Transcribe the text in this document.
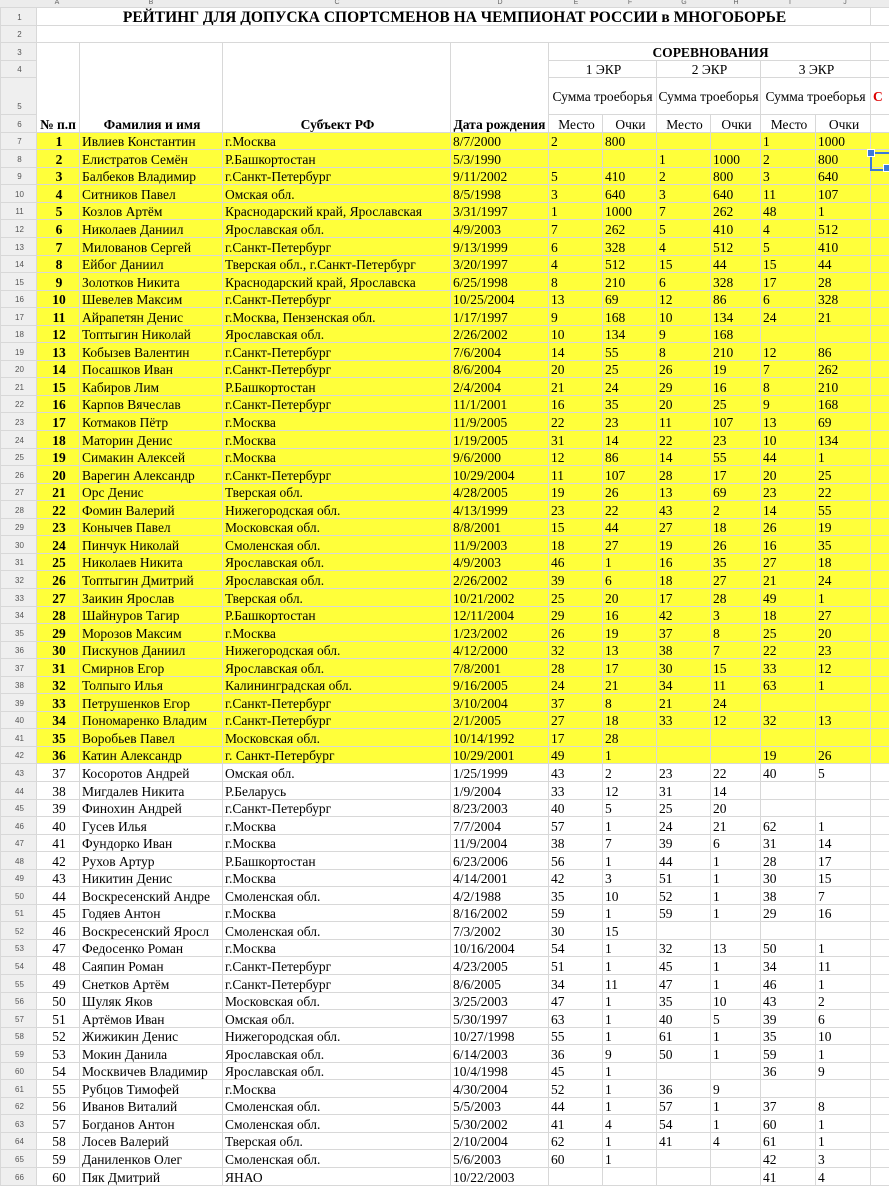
A	B	C	D	E	F	G	H	I	J
1	РЕЙТИНГ ДЛЯ ДОПУСКА СПОРТСМЕНОВ НА ЧЕМПИОНАТ РОССИИ в МНОГОБОРЬЕ										
2											
3	№ п.п	Фамилия и имя	Субъект РФ	Дата рождения	СОРЕВНОВАНИЯ						
4					1 ЭКР		2 ЭКР		3 ЭКР		
5					Сумма троеборья		Сумма троеборья		Сумма троеборья		С
6					Место	Очки	Место	Очки	Место	Очки	
7	1	Ивлиев Константин	г.Москва	8/7/2000	2	800			1	1000	
8	2	Елистратов Семён	Р.Башкортостан	5/3/1990			1	1000	2	800	
9	3	Балбеков Владимир	г.Санкт-Петербург	9/11/2002	5	410	2	800	3	640	
10	4	Ситников Павел	Омская обл.	8/5/1998	3	640	3	640	11	107	
11	5	Козлов Артём	Краснодарский край, Ярославская	3/31/1997	1	1000	7	262	48	1	
12	6	Николаев Даниил	Ярославская обл.	4/9/2003	7	262	5	410	4	512	
13	7	Милованов Сергей	г.Санкт-Петербург	9/13/1999	6	328	4	512	5	410	
14	8	Ейбог Даниил	Тверская обл., г.Санкт-Петербург	3/20/1997	4	512	15	44	15	44	
15	9	Золотков Никита	Краснодарский край, Ярославска	6/25/1998	8	210	6	328	17	28	
16	10	Шевелев Максим	г.Санкт-Петербург	10/25/2004	13	69	12	86	6	328	
17	11	Айрапетян Денис	г.Москва, Пензенская обл.	1/17/1997	9	168	10	134	24	21	
18	12	Топтыгин Николай	Ярославская обл.	2/26/2002	10	134	9	168			
19	13	Кобызев Валентин	г.Санкт-Петербург	7/6/2004	14	55	8	210	12	86	
20	14	Посашков Иван	г.Санкт-Петербург	8/6/2004	20	25	26	19	7	262	
21	15	Кабиров Лим	Р.Башкортостан	2/4/2004	21	24	29	16	8	210	
22	16	Карпов Вячеслав	г.Санкт-Петербург	11/1/2001	16	35	20	25	9	168	
23	17	Котмаков Пётр	г.Москва	11/9/2005	22	23	11	107	13	69	
24	18	Маторин Денис	г.Москва	1/19/2005	31	14	22	23	10	134	
25	19	Симакин Алексей	г.Москва	9/6/2000	12	86	14	55	44	1	
26	20	Варегин Александр	г.Санкт-Петербург	10/29/2004	11	107	28	17	20	25	
27	21	Орс Денис	Тверская обл.	4/28/2005	19	26	13	69	23	22	
28	22	Фомин Валерий	Нижегородская обл.	4/13/1999	23	22	43	2	14	55	
29	23	Конычев Павел	Московская обл.	8/8/2001	15	44	27	18	26	19	
30	24	Пинчук Николай	Смоленская обл.	11/9/2003	18	27	19	26	16	35	
31	25	Николаев Никита	Ярославская обл.	4/9/2003	46	1	16	35	27	18	
32	26	Топтыгин Дмитрий	Ярославская обл.	2/26/2002	39	6	18	27	21	24	
33	27	Заикин Ярослав	Тверская обл.	10/21/2002	25	20	17	28	49	1	
34	28	Шайнуров Тагир	Р.Башкортостан	12/11/2004	29	16	42	3	18	27	
35	29	Морозов Максим	г.Москва	1/23/2002	26	19	37	8	25	20	
36	30	Пискунов Даниил	Нижегородская обл.	4/12/2000	32	13	38	7	22	23	
37	31	Смирнов Егор	Ярославская обл.	7/8/2001	28	17	30	15	33	12	
38	32	Толпыго Илья	Калининградская обл.	9/16/2005	24	21	34	11	63	1	
39	33	Петрушенков Егор	г.Санкт-Петербург	3/10/2004	37	8	21	24			
40	34	Пономаренко Владим	г.Санкт-Петербург	2/1/2005	27	18	33	12	32	13	
41	35	Воробьев Павел	Московская обл.	10/14/1992	17	28					
42	36	Катин Александр	г. Санкт-Петербург	10/29/2001	49	1			19	26	
43	37	Косоротов Андрей	Омская обл.	1/25/1999	43	2	23	22	40	5	
44	38	Мигдалев Никита	Р.Беларусь	1/9/2004	33	12	31	14			
45	39	Финохин Андрей	г.Санкт-Петербург	8/23/2003	40	5	25	20			
46	40	Гусев Илья	г.Москва	7/7/2004	57	1	24	21	62	1	
47	41	Фундорко Иван	г.Москва	11/9/2004	38	7	39	6	31	14	
48	42	Рухов Артур	Р.Башкортостан	6/23/2006	56	1	44	1	28	17	
49	43	Никитин Денис	г.Москва	4/14/2001	42	3	51	1	30	15	
50	44	Воскресенский Андре	Смоленская обл.	4/2/1988	35	10	52	1	38	7	
51	45	Годяев Антон	г.Москва	8/16/2002	59	1	59	1	29	16	
52	46	Воскресенский Яросл	Смоленская обл.	7/3/2002	30	15					
53	47	Федосенко Роман	г.Москва	10/16/2004	54	1	32	13	50	1	
54	48	Саяпин Роман	г.Санкт-Петербург	4/23/2005	51	1	45	1	34	11	
55	49	Снетков Артём	г.Санкт-Петербург	8/6/2005	34	11	47	1	46	1	
56	50	Шуляк Яков	Московская обл.	3/25/2003	47	1	35	10	43	2	
57	51	Артёмов Иван	Омская обл.	5/30/1997	63	1	40	5	39	6	
58	52	Жижикин Денис	Нижегородская обл.	10/27/1998	55	1	61	1	35	10	
59	53	Мокин Данила	Ярославская обл.	6/14/2003	36	9	50	1	59	1	
60	54	Москвичев Владимир	Ярославская обл.	10/4/1998	45	1			36	9	
61	55	Рубцов Тимофей	г.Москва	4/30/2004	52	1	36	9			
62	56	Иванов Виталий	Смоленская обл.	5/5/2003	44	1	57	1	37	8	
63	57	Богданов Антон	Смоленская обл.	5/30/2002	41	4	54	1	60	1	
64	58	Лосев Валерий	Тверская обл.	2/10/2004	62	1	41	4	61	1	
65	59	Даниленков Олег	Смоленская обл.	5/6/2003	60	1			42	3	
66	60	Пяк Дмитрий	ЯНАО	10/22/2003					41	4	
